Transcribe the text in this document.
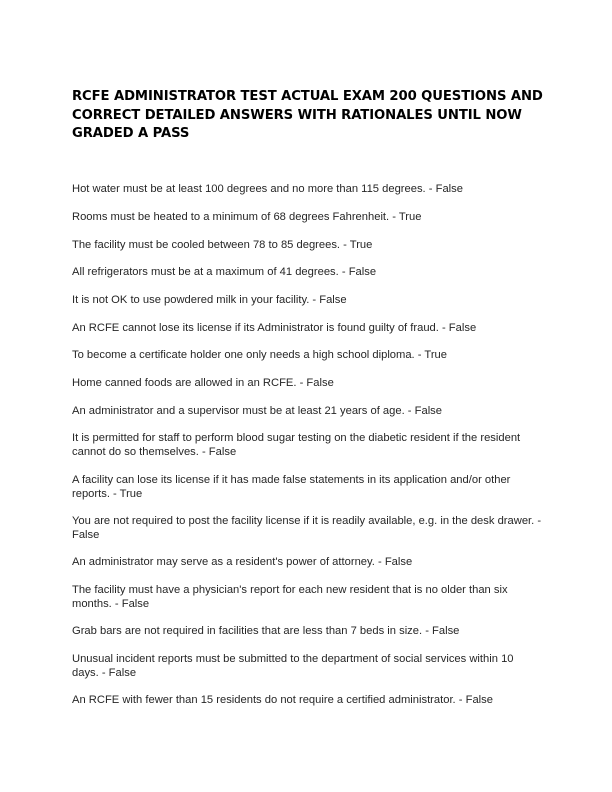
RCFE ADMINISTRATOR TEST ACTUAL EXAM 200 QUESTIONS AND CORRECT DETAILED ANSWERS WITH RATIONALES UNTIL NOW GRADED A PASS

Hot water must be at least 100 degrees and no more than 115 degrees. - False

Rooms must be heated to a minimum of 68 degrees Fahrenheit. - True

The facility must be cooled between 78 to 85 degrees. - True

All refrigerators must be at a maximum of 41 degrees. - False

It is not OK to use powdered milk in your facility. - False

An RCFE cannot lose its license if its Administrator is found guilty of fraud. - False

To become a certificate holder one only needs a high school diploma. - True

Home canned foods are allowed in an RCFE. - False

An administrator and a supervisor must be at least 21 years of age. - False

It is permitted for staff to perform blood sugar testing on the diabetic resident if the resident cannot do so themselves. - False

A facility can lose its license if it has made false statements in its application and/or other reports. - True

You are not required to post the facility license if it is readily available, e.g. in the desk drawer. - False

An administrator may serve as a resident's power of attorney. - False

The facility must have a physician's report for each new resident that is no older than six months. - False

Grab bars are not required in facilities that are less than 7 beds in size. - False

Unusual incident reports must be submitted to the department of social services within 10 days. - False

An RCFE with fewer than 15 residents do not require a certified administrator. - False
